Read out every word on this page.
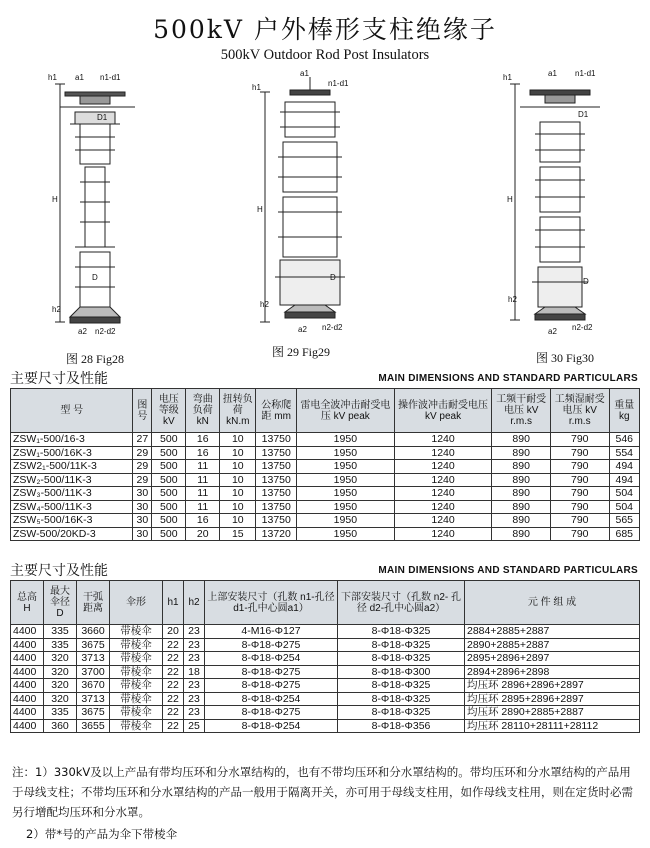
500kV 户外棒形支柱绝缘子
500kV Outdoor Rod Post Insulators
h1 a1 n1-d1
D1
H
D
h2
a2 n2-d2
h1
a1
n1-d1
H
D
h2
a2 n2-d2
h1	a1 n1-d1
D1
H
D
h2
a2 n2-d2
图 28 Fig28	图 29 Fig29	图 30 Fig30
主要尺寸及性能	MAIN DIMENSIONS AND STANDARD PARTICULARS
型 号	图号	电压等级 kV	弯曲负荷 kN	扭转负荷 kN.m	公称爬距 mm	雷电全波冲击耐受电压 kV peak	操作波冲击耐受电压 kV peak	工频干耐受电压 kV r.m.s	工频湿耐受电压 kV r.m.s	重量 kg
ZSW₁-500/16-3	27	500	16	10	13750	1950	1240	890	790	546
ZSW₁-500/16K-3	29	500	16	10	13750	1950	1240	890	790	554
ZSW2₁-500/11K-3	29	500	11	10	13750	1950	1240	890	790	494
ZSW₂-500/11K-3	29	500	11	10	13750	1950	1240	890	790	494
ZSW₃-500/11K-3	30	500	11	10	13750	1950	1240	890	790	504
ZSW₄-500/11K-3	30	500	11	10	13750	1950	1240	890	790	504
ZSW₅-500/16K-3	30	500	16	10	13750	1950	1240	890	790	565
ZSW-500/20KD-3	30	500	20	15	13720	1950	1240	890	790	685
主要尺寸及性能	MAIN DIMENSIONS AND STANDARD PARTICULARS
总高 H	最大伞径 D	干弧距离	伞形	h1	h2	上部安装尺寸（孔数 n1-孔径 d1-孔中心圆a1）	下部安装尺寸（孔数 n2- 孔径 d2-孔中心圆a2）	元 件 组 成
4400	335	3660	带棱伞	20	23	4-M16-Φ127	8-Φ18-Φ325	2884+2885+2887
4400	335	3675	带棱伞	22	23	8-Φ18-Φ275	8-Φ18-Φ325	2890+2885+2887
4400	320	3713	带棱伞	22	23	8-Φ18-Φ254	8-Φ18-Φ325	2895+2896+2897
4400	320	3700	带棱伞	22	18	8-Φ18-Φ275	8-Φ18-Φ300	2894+2896+2898
4400	320	3670	带棱伞	22	23	8-Φ18-Φ275	8-Φ18-Φ325	均压环 2896+2896+2897
4400	320	3713	带棱伞	22	23	8-Φ18-Φ254	8-Φ18-Φ325	均压环 2895+2896+2897
4400	335	3675	带棱伞	22	23	8-Φ18-Φ275	8-Φ18-Φ325	均压环 2890+2885+2887
4400	360	3655	带棱伞	22	25	8-Φ18-Φ254	8-Φ18-Φ356	均压环 28110+28111+28112
注：1）330kV及以上产品有带均压环和分水罩结构的，也有不带均压环和分水罩结构的。带均压环和分水罩结构的产品用于母线支柱；不带均压环和分水罩结构的产品一般用于隔离开关，亦可用于母线支柱用，如作母线支柱用，则在定货时必需另行增配均压环和分水罩。
2）带*号的产品为伞下带棱伞
